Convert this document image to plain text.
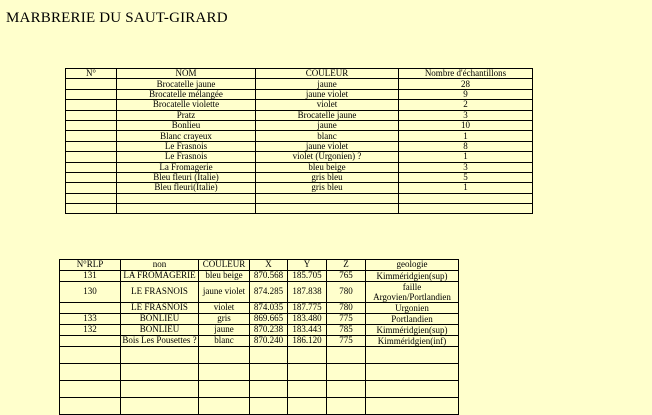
MARBRERIE DU SAUT-GIRARD
N°	NOM	COULEUR	Nombre d'échantillons
	Brocatelle jaune	jaune	28
	Brocatelle mélangée	jaune violet	9
	Brocatelle violette	violet	2
	Pratz	Brocatelle jaune	3
	Bonlieu	jaune	10
	Blanc crayeux	blanc	1
	Le Frasnois	jaune violet	8
	Le Frasnois	violet (Urgonien) ?	1
	La Fromagerie	bleu beige	3
	Bleu fleuri (Italie)	gris bleu	5
	Bleu fleuri(Italie)	gris bleu	1

N°RLP	non	COULEUR	X	Y	Z	geologie
131	LA FROMAGERIE	bleu beige	870.568	185.705	765	Kimméridgien(sup)
130	LE FRASNOIS	jaune violet	874.285	187.838	780	faille Argovien/Portlandien
	LE FRASNOIS	violet	874.035	187.775	780	Urgonien
133	BONLIEU	gris	869.665	183.480	775	Portlandien
132	BONLIEU	jaune	870.238	183.443	785	Kimméridgien(sup)
	Bois Les Pousettes ?	blanc	870.240	186.120	775	Kimméridgien(inf)
